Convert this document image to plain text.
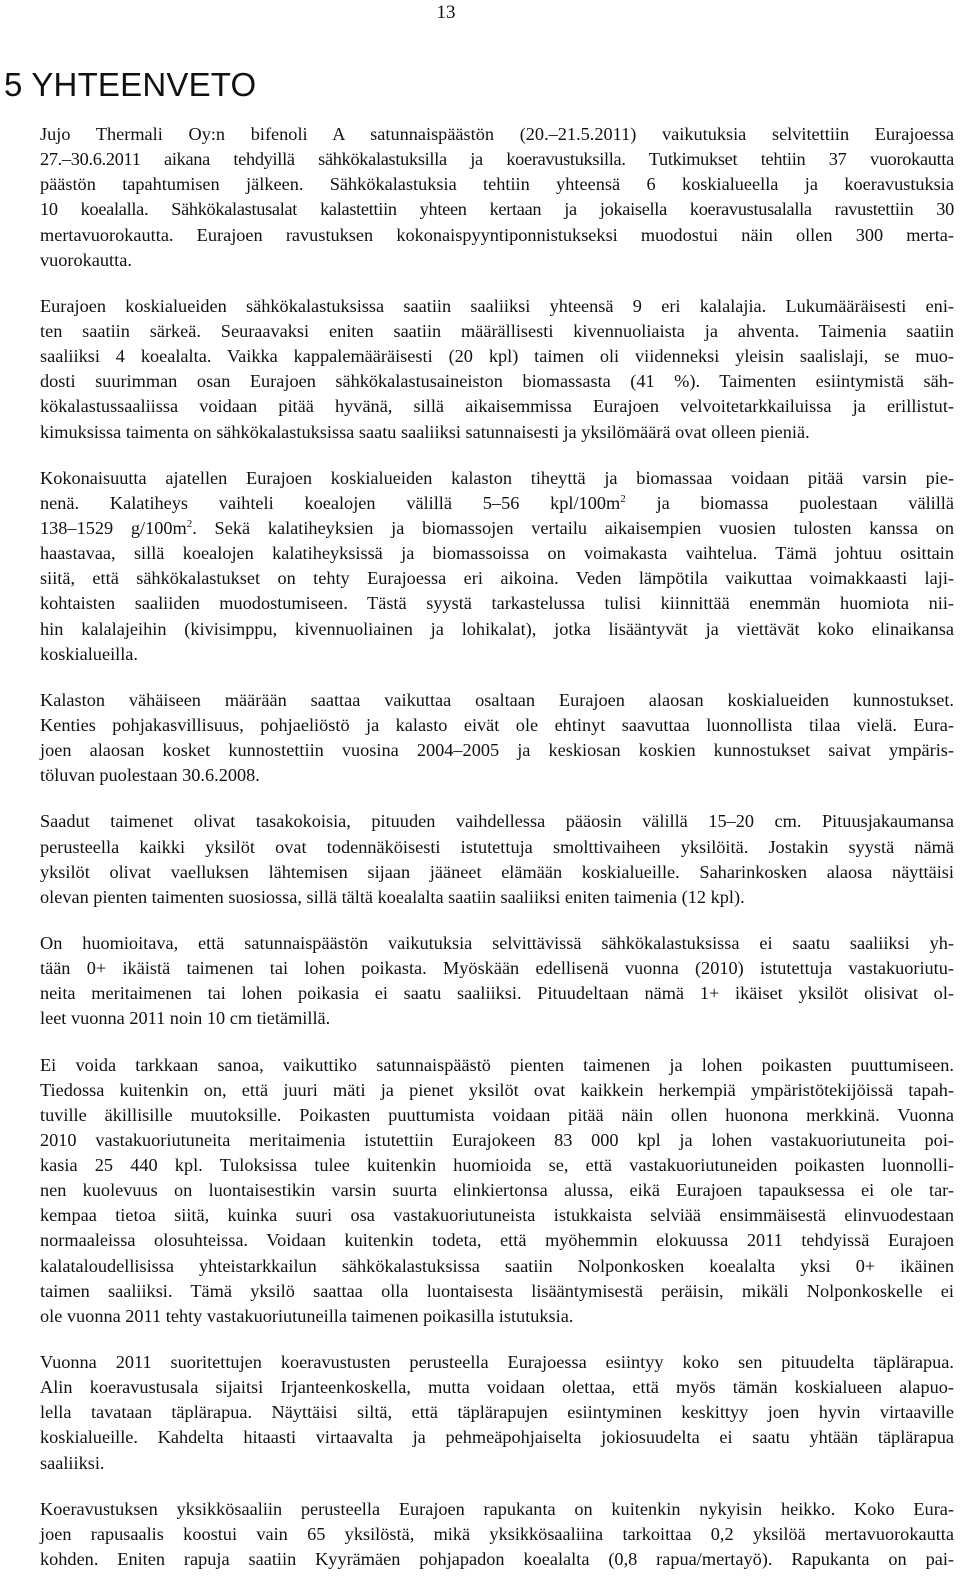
13
5 YHTEENVETO
Jujo Thermali Oy:n bifenoli A satunnaispäästön (20.–21.5.2011) vaikutuksia selvitettiin Eurajoessa
27.–30.6.2011 aikana tehdyillä sähkökalastuksilla ja koeravustuksilla. Tutkimukset tehtiin 37 vuorokautta
päästön tapahtumisen jälkeen. Sähkökalastuksia tehtiin yhteensä 6 koskialueella ja koeravustuksia
10 koealalla. Sähkökalastusalat kalastettiin yhteen kertaan ja jokaisella koeravustusalalla ravustettiin 30
mertavuorokautta. Eurajoen ravustuksen kokonaispyyntiponnistukseksi muodostui näin ollen 300 merta-
vuorokautta.
Eurajoen koskialueiden sähkökalastuksissa saatiin saaliiksi yhteensä 9 eri kalalajia. Lukumääräisesti eni-
ten saatiin särkeä. Seuraavaksi eniten saatiin määrällisesti kivennuoliaista ja ahventa. Taimenia saatiin
saaliiksi 4 koealalta. Vaikka kappalemääräisesti (20 kpl) taimen oli viidenneksi yleisin saalislaji, se muo-
dosti suurimman osan Eurajoen sähkökalastusaineiston biomassasta (41 %). Taimenten esiintymistä säh-
kökalastussaaliissa voidaan pitää hyvänä, sillä aikaisemmissa Eurajoen velvoitetarkkailuissa ja erillistut-
kimuksissa taimenta on sähkökalastuksissa saatu saaliiksi satunnaisesti ja yksilömäärä ovat olleen pieniä.
Kokonaisuutta ajatellen Eurajoen koskialueiden kalaston tiheyttä ja biomassaa voidaan pitää varsin pie-
nenä. Kalatiheys vaihteli koealojen välillä 5–56 kpl/$100m^2$ ja biomassa puolestaan välillä
138–1529 $g/100m^2$. Sekä kalatiheyksien ja biomassojen vertailu aikaisempien vuosien tulosten kanssa on
haastavaa, sillä koealojen kalatiheyksissä ja biomassoissa on voimakasta vaihtelua. Tämä johtuu osittain
siitä, että sähkökalastukset on tehty Eurajoessa eri aikoina. Veden lämpötila vaikuttaa voimakkaasti laji-
kohtaisten saaliiden muodostumiseen. Tästä syystä tarkastelussa tulisi kiinnittää enemmän huomiota nii-
hin kalalajeihin (kivisimppu, kivennuoliainen ja lohikalat), jotka lisääntyvät ja viettävät koko elinaikansa
koskialueilla.
Kalaston vähäiseen määrään saattaa vaikuttaa osaltaan Eurajoen alaosan koskialueiden kunnostukset.
Kenties pohjakasvillisuus, pohjaeliöstö ja kalasto eivät ole ehtinyt saavuttaa luonnollista tilaa vielä. Eura-
joen alaosan kosket kunnostettiin vuosina 2004–2005 ja keskiosan koskien kunnostukset saivat ympäris-
töluvan puolestaan 30.6.2008.
Saadut taimenet olivat tasakokoisia, pituuden vaihdellessa pääosin välillä 15–20 cm. Pituusjakaumansa
perusteella kaikki yksilöt ovat todennäköisesti istutettuja smolttivaiheen yksilöitä. Jostakin syystä nämä
yksilöt olivat vaelluksen lähtemisen sijaan jääneet elämään koskialueille. Saharinkosken alaosa näyttäisi
olevan pienten taimenten suosiossa, sillä tältä koealalta saatiin saaliiksi eniten taimenia (12 kpl).
On huomioitava, että satunnaispäästön vaikutuksia selvittävissä sähkökalastuksissa ei saatu saaliiksi yh-
tään 0+ ikäistä taimenen tai lohen poikasta. Myöskään edellisenä vuonna (2010) istutettuja vastakuoriutu-
neita meritaimenen tai lohen poikasia ei saatu saaliiksi. Pituudeltaan nämä 1+ ikäiset yksilöt olisivat ol-
leet vuonna 2011 noin 10 cm tietämillä.
Ei voida tarkkaan sanoa, vaikuttiko satunnaispäästö pienten taimenen ja lohen poikasten puuttumiseen.
Tiedossa kuitenkin on, että juuri mäti ja pienet yksilöt ovat kaikkein herkempiä ympäristötekijöissä tapah-
tuville äkillisille muutoksille. Poikasten puuttumista voidaan pitää näin ollen huonona merkkinä. Vuonna
2010 vastakuoriutuneita meritaimenia istutettiin Eurajokeen 83 000 kpl ja lohen vastakuoriutuneita poi-
kasia 25 440 kpl. Tuloksissa tulee kuitenkin huomioida se, että vastakuoriutuneiden poikasten luonnolli-
nen kuolevuus on luontaisestikin varsin suurta elinkiertonsa alussa, eikä Eurajoen tapauksessa ei ole tar-
kempaa tietoa siitä, kuinka suuri osa vastakuoriutuneista istukkaista selviää ensimmäisestä elinvuodestaan
normaaleissa olosuhteissa. Voidaan kuitenkin todeta, että myöhemmin elokuussa 2011 tehdyissä Eurajoen
kalataloudellisissa yhteistarkkailun sähkökalastuksissa saatiin Nolponkosken koealalta yksi 0+ ikäinen
taimen saaliiksi. Tämä yksilö saattaa olla luontaisesta lisääntymisestä peräisin, mikäli Nolponkoskelle ei
ole vuonna 2011 tehty vastakuoriutuneilla taimenen poikasilla istutuksia.
Vuonna 2011 suoritettujen koeravustusten perusteella Eurajoessa esiintyy koko sen pituudelta täplärapua.
Alin koeravustusala sijaitsi Irjanteenkoskella, mutta voidaan olettaa, että myös tämän koskialueen alapuo-
lella tavataan täplärapua. Näyttäisi siltä, että täplärapujen esiintyminen keskittyy joen hyvin virtaaville
koskialueille. Kahdelta hitaasti virtaavalta ja pehmeäpohjaiselta jokiosuudelta ei saatu yhtään täplärapua
saaliiksi.
Koeravustuksen yksikkösaaliin perusteella Eurajoen rapukanta on kuitenkin nykyisin heikko. Koko Eura-
joen rapusaalis koostui vain 65 yksilöstä, mikä yksikkösaaliina tarkoittaa 0,2 yksilöä mertavuorokautta
kohden. Eniten rapuja saatiin Kyyrämäen pohjapadon koealalta (0,8 rapua/mertayö). Rapukanta on pai-
